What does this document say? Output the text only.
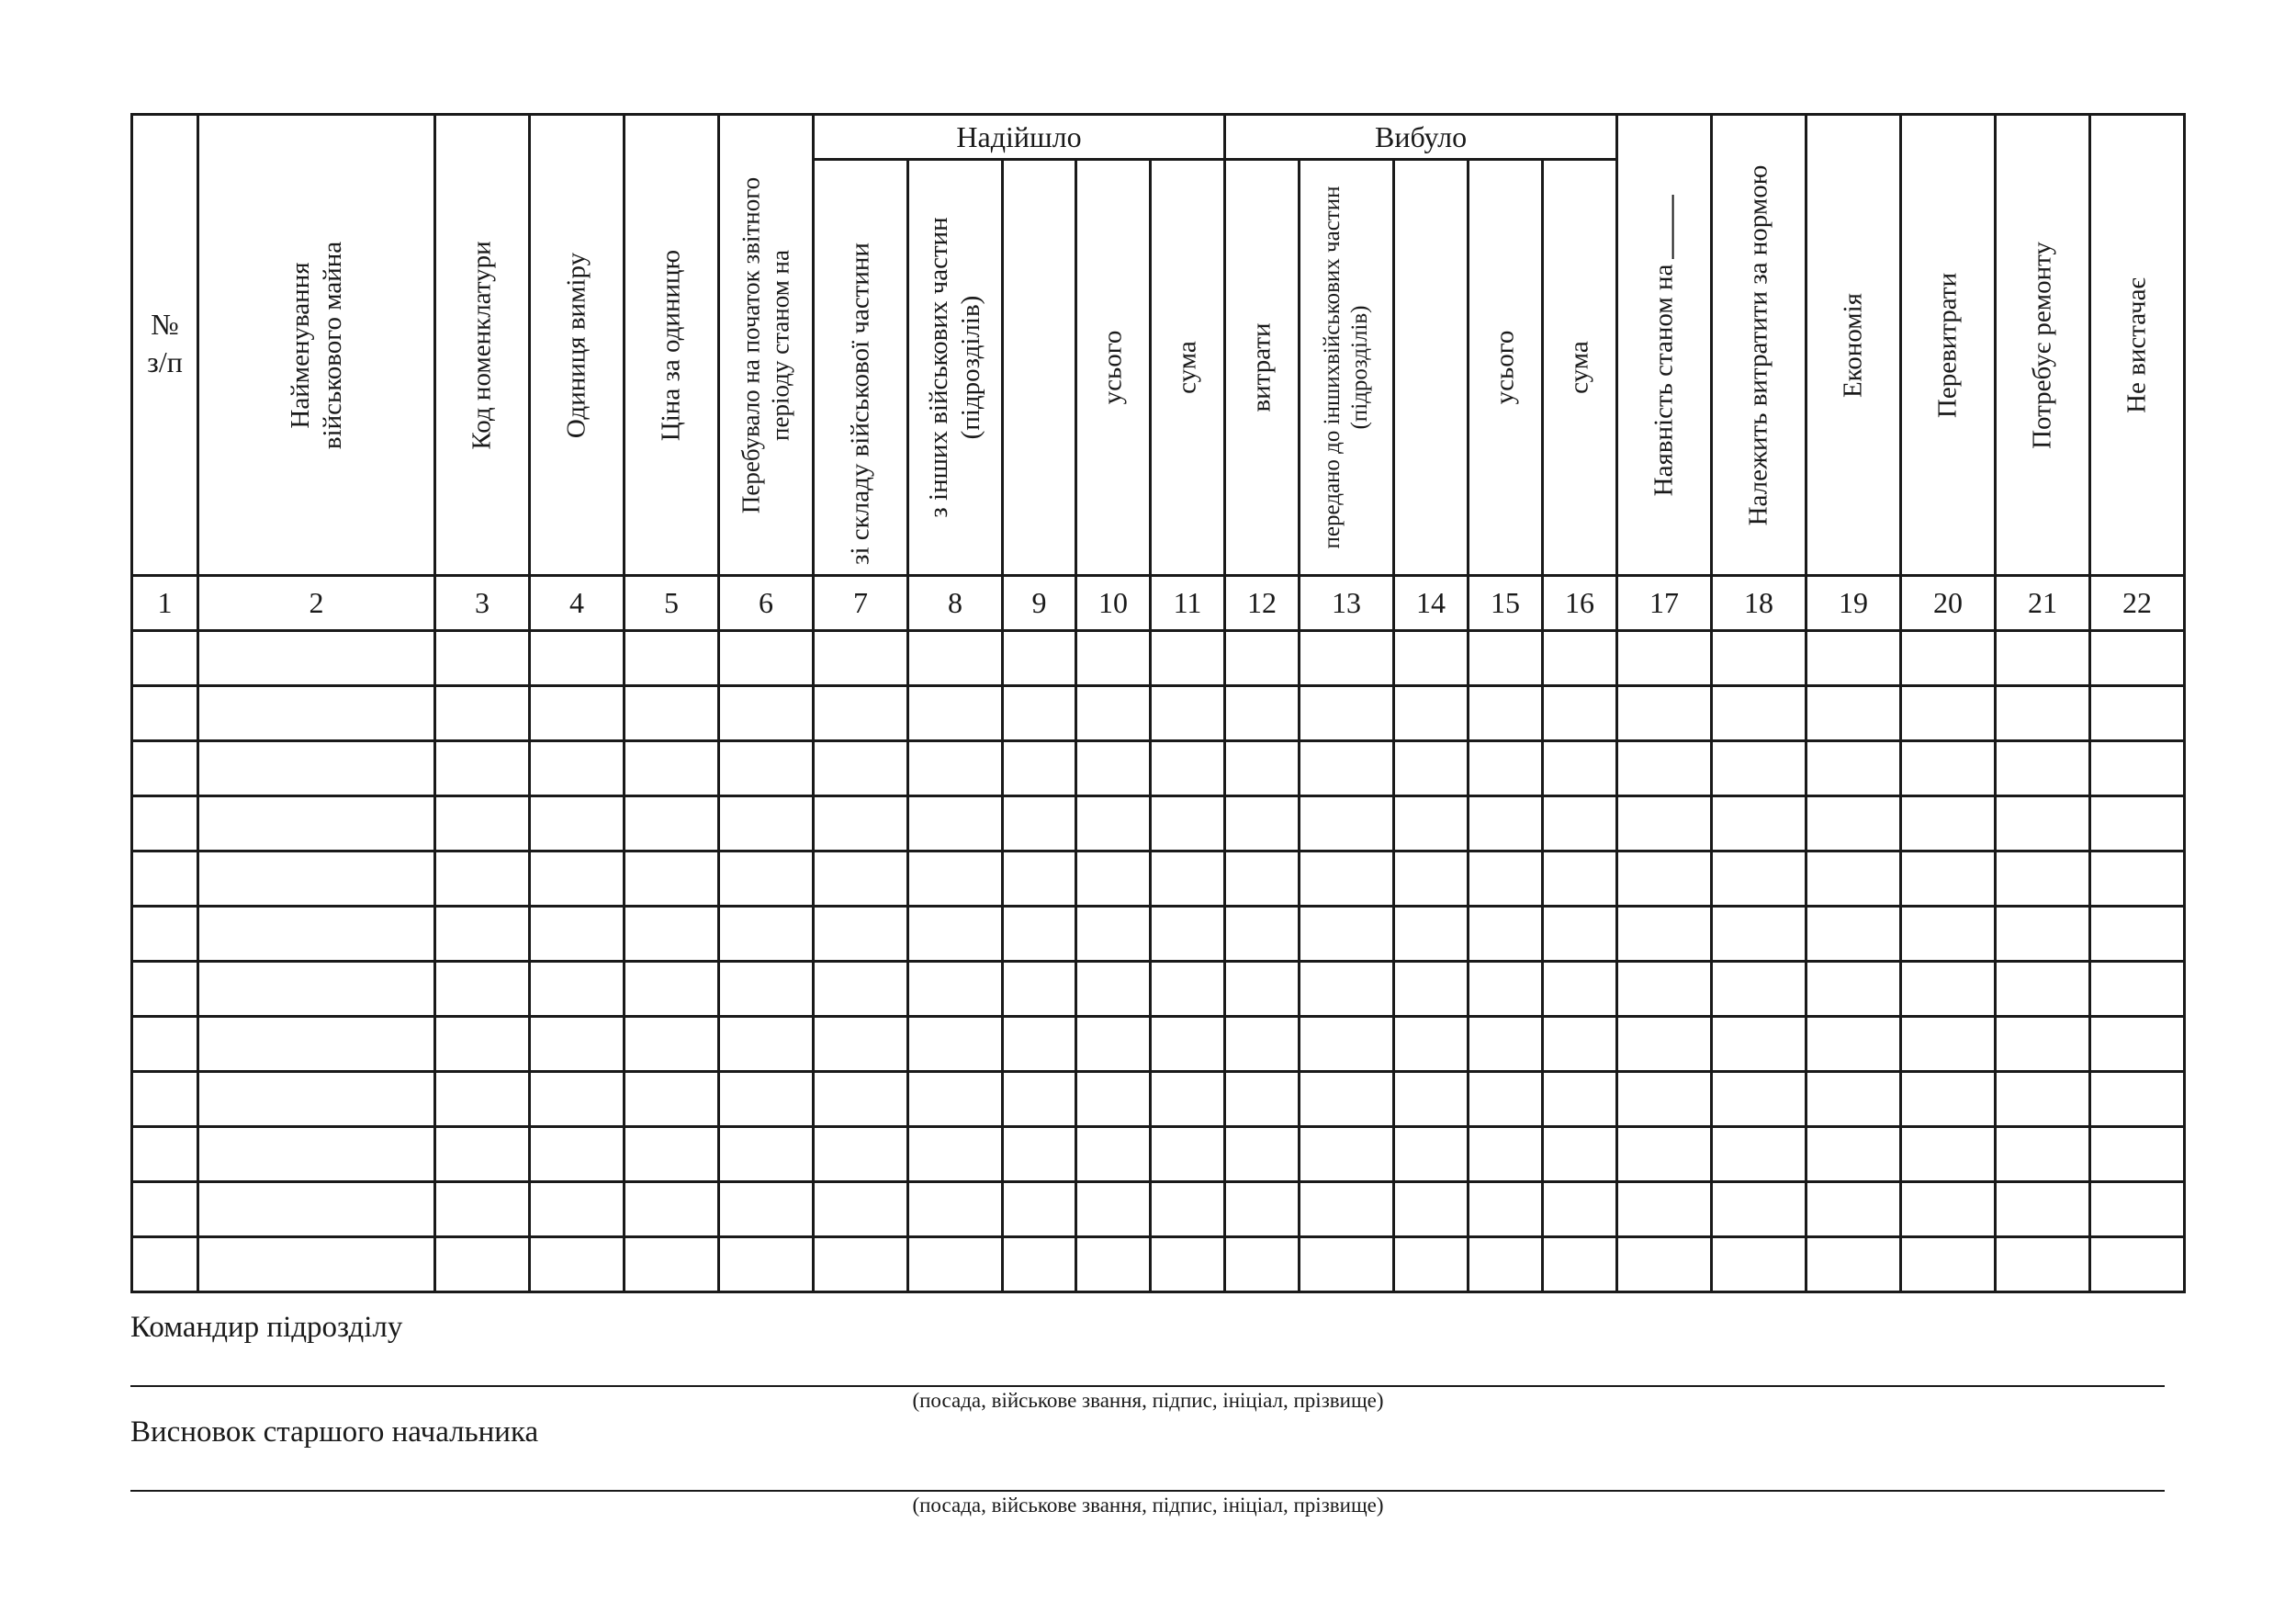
№
з/п	Найменування військового майна	Код номенклатури	Одиниця виміру	Ціна за одиницю	Перебувало на початок звітного періоду станом на	Надійшло					Вибуло					Наявність станом на	Належить витратити за нормою	Економія	Перевитрати	Потребує ремонту	Не вистачає

						зі складу військової частини	з інших військових частин (підрозділів)		усього	сума	витрати	передано до іншихвійськових частин (підрозділів)		усього	сума						

1	2	3	4	5	6	7	8	9	10	11	12	13	14	15	16	17	18	19	20	21	22

Командир підрозділу
(посада, військове звання, підпис, ініціал, прізвище)
Висновок старшого начальника
(посада, військове звання, підпис, ініціал, прізвище)
